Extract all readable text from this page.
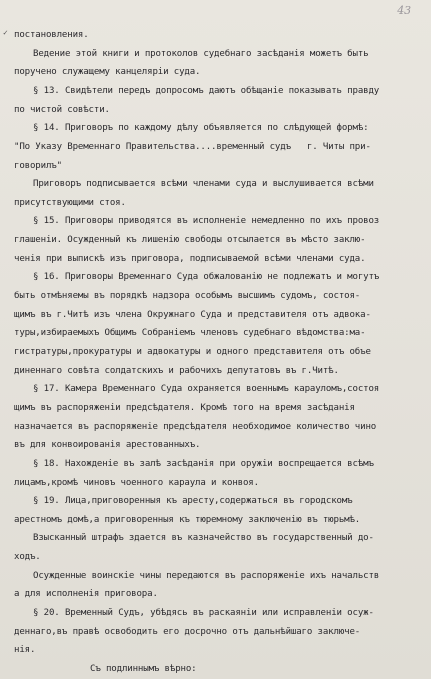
43
✓ постановления.
Ведение этой книги и протоколов судебнаго засѣданія можетъ быть
поручено служащему канцеляріи суда.
§ 13. Свидѣтели передъ допросомъ даютъ обѣщаніе показывать правду
по чистой совѣсти.
§ 14. Приговоръ по каждому дѣлу объявляется по слѣдующей формѣ:
"По Указу Временнаго Правительства....временный судъ   г. Читы при-
говорилъ"
Приговоръ подписывается всѣми членами суда и выслушивается всѣми
присутствующими стоя.
§ 15. Приговоры приводятся въ исполненіе немедленно по ихъ провоз
глашеніи. Осужденный къ лишенію свободы отсылается въ мѣсто заклю-
ченія при выпискѣ изъ приговора, подписываемой всѣми членами суда.
§ 16. Приговоры Временнаго Суда обжалованію не подлежатъ и могутъ
быть отмѣняемы въ порядкѣ надзора особымъ высшимъ судомъ, состоя-
щимъ въ г.Читѣ изъ члена Окружнаго Суда и представителя отъ адвока-
туры,избираемыхъ Общимъ Собраніемъ членовъ судебнаго вѣдомства:ма-
гистратуры,прокуратуры и адвокатуры и одного представителя отъ объе
диненнаго совѣта солдатскихъ и рабочихъ депутатовъ въ г.Читѣ.
§ 17. Камера Временнаго Суда охраняется военнымъ карауломъ,состоя
щимъ въ распоряженіи предсѣдателя. Кромѣ того на время засѣданія
назначается въ распоряженіе предсѣдателя необходимое количество чино
въ для конвоированія арестованныхъ.
§ 18. Нахожденіе въ залѣ засѣданія при оружіи воспрещается всѣмъ
лицамъ,кромѣ чиновъ чоенного караула и конвоя.
§ 19. Лица,приговоренныя къ аресту,содержаться въ городскомъ
арестномъ домѣ,а приговоренныя къ тюремному заключенію въ тюрьмѣ.
Взысканный штрафъ здается въ казначейство въ государственный до-
ходъ.
Осужденные воинскіе чины передаются въ распоряженіе ихъ начальств
а для исполненія приговора.
§ 20. Временный Судъ, убѣдясь въ раскаяніи или исправленіи осуж-
деннаго,въ правѣ освободить его досрочно отъ дальнѣйшаго заключе-
нія.
Съ подлиннымъ вѣрно:
